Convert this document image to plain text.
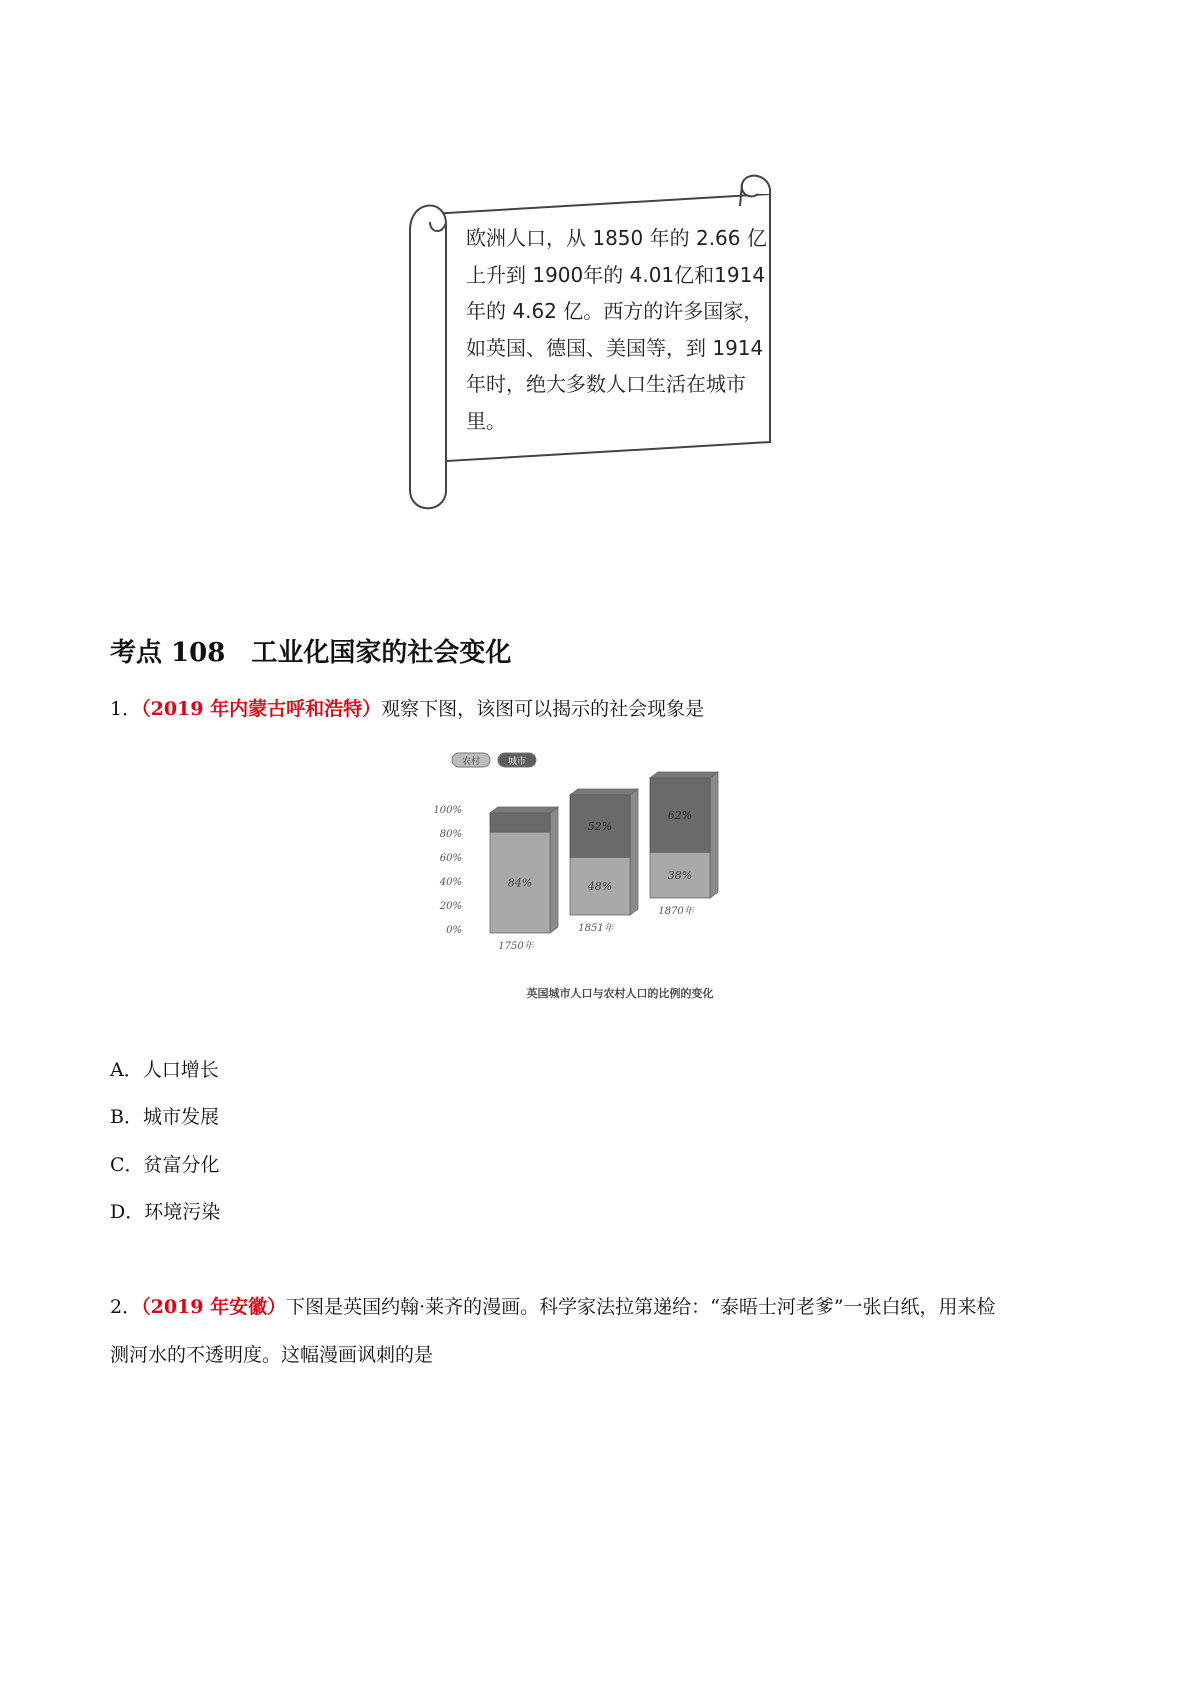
欧洲人口，从 1850 年的 2.66 亿
上升到 1900年的 4.01亿和1914
年的 4.62 亿。西方的许多国家，
如英国、德国、美国等，到 1914
年时，绝大多数人口生活在城市
里。
考点 108 工业化国家的社会变化
1．（2019 年内蒙古呼和浩特）观察下图，该图可以揭示的社会现象是
农村	城市
100%
80%
60%
40%
20%
0%
84%
1750年
48%
52%
1851年
38%
62%
1870年
英国城市人口与农村人口的比例的变化
A．人口增长
B．城市发展
C．贫富分化
D．环境污染
2．（2019 年安徽）下图是英国约翰·莱齐的漫画。科学家法拉第递给：“泰晤士河老爹”一张白纸，用来检
测河水的不透明度。这幅漫画讽刺的是
